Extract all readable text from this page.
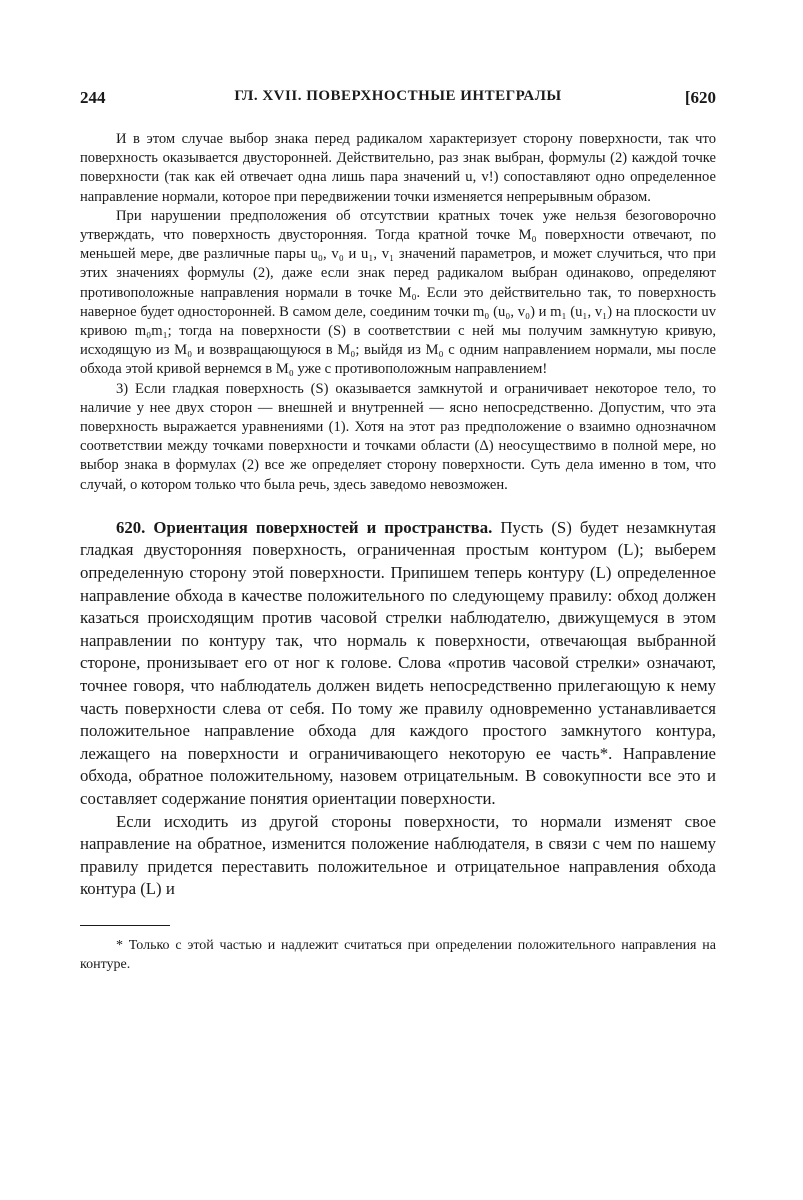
244	ГЛ. XVII. ПОВЕРХНОСТНЫЕ ИНТЕГРАЛЫ	[620

И в этом случае выбор знака перед радикалом характеризует сторону поверхности, так что поверхность оказывается двусторонней. Действительно, раз знак выбран, формулы (2) каждой точке поверхности (так как ей отвечает одна лишь пара значений u, v!) сопоставляют одно определенное направление нормали, которое при передвижении точки изменяется непрерывным образом.

При нарушении предположения об отсутствии кратных точек уже нельзя безоговорочно утверждать, что поверхность двусторонняя. Тогда кратной точке M₀ поверхности отвечают, по меньшей мере, две различные пары u₀, v₀ и u₁, v₁ значений параметров, и может случиться, что при этих значениях формулы (2), даже если знак перед радикалом выбран одинаково, определяют противоположные направления нормали в точке M₀. Если это действительно так, то поверхность наверное будет односторонней. В самом деле, соединим точки m₀ (u₀, v₀) и m₁ (u₁, v₁) на плоскости uv кривою m₀m₁; тогда на поверхности (S) в соответствии с ней мы получим замкнутую кривую, исходящую из M₀ и возвращающуюся в M₀; выйдя из M₀ с одним направлением нормали, мы после обхода этой кривой вернемся в M₀ уже с противоположным направлением!

3) Если гладкая поверхность (S) оказывается замкнутой и ограничивает некоторое тело, то наличие у нее двух сторон — внешней и внутренней — ясно непосредственно. Допустим, что эта поверхность выражается уравнениями (1). Хотя на этот раз предположение о взаимно однозначном соответствии между точками поверхности и точками области (Δ) неосуществимо в полной мере, но выбор знака в формулах (2) все же определяет сторону поверхности. Суть дела именно в том, что случай, о котором только что была речь, здесь заведомо невозможен.

620. Ориентация поверхностей и пространства. Пусть (S) будет незамкнутая гладкая двусторонняя поверхность, ограниченная простым контуром (L); выберем определенную сторону этой поверхности. Припишем теперь контуру (L) определенное направление обхода в качестве положительного по следующему правилу: обход должен казаться происходящим против часовой стрелки наблюдателю, движущемуся в этом направлении по контуру так, что нормаль к поверхности, отвечающая выбранной стороне, пронизывает его от ног к голове. Слова «против часовой стрелки» означают, точнее говоря, что наблюдатель должен видеть непосредственно прилегающую к нему часть поверхности слева от себя. По тому же правилу одновременно устанавливается положительное направление обхода для каждого простого замкнутого контура, лежащего на поверхности и ограничивающего некоторую ее часть*. Направление обхода, обратное положительному, назовем отрицательным. В совокупности все это и составляет содержание понятия ориентации поверхности.

Если исходить из другой стороны поверхности, то нормали изменят свое направление на обратное, изменится положение наблюдателя, в связи с чем по нашему правилу придется переставить положительное и отрицательное направления обхода контура (L) и

* Только с этой частью и надлежит считаться при определении положительного направления на контуре.
